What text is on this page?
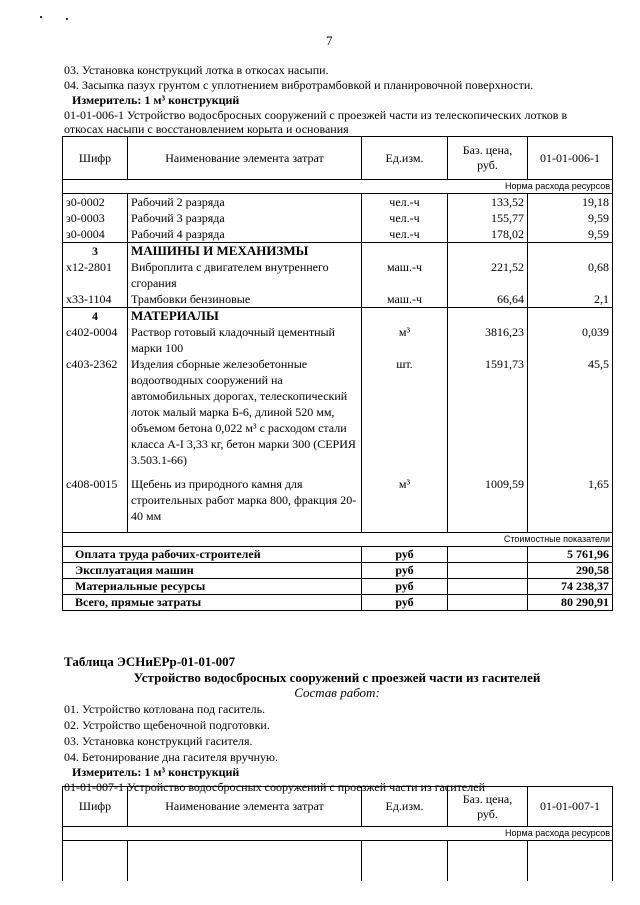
7
03. Установка конструкций лотка в откосах насыпи.
04. Засыпка пазух грунтом с уплотнением вибротрамбовкой и планировочной поверхности.
Измеритель: 1 м³ конструкций
01-01-006-1 Устройство водосбросных сооружений с проезжей части из телескопических лотков в
откосах насыпи с восстановлением корыта и основания
Шифр	Наименование элемента затрат	Ед.изм.	Баз. цена, руб.	01-01-006-1
Норма расхода ресурсов				
з0-0002	Рабочий 2 разряда	чел.-ч	133,52	19,18
з0-0003	Рабочий 3 разряда	чел.-ч	155,77	9,59
з0-0004	Рабочий 4 разряда	чел.-ч	178,02	9,59
3	МАШИНЫ И МЕХАНИЗМЫ			
х12-2801	Виброплита с двигателем внутреннего сгорания	маш.-ч	221,52	0,68
х33-1104	Трамбовки бензиновые	маш.-ч	66,64	2,1
4	МАТЕРИАЛЫ			
с402-0004	Раствор готовый кладочный цементный марки 100	м³	3816,23	0,039
с403-2362	Изделия сборные железобетонные водоотводных сооружений на автомобильных дорогах, телескопический лоток малый марка Б-6, длиной 520 мм, объемом бетона 0,022 м³ с расходом стали класса А-I 3,33 кг, бетон марки 300 (СЕРИЯ 3.503.1-66)	шт.	1591,73	45,5
с408-0015	Щебень из природного камня для строительных работ марка 800, фракция 20-40 мм	м³	1009,59	1,65

Стоимостные показатели				
Оплата труда рабочих-строителей		руб		5 761,96
Эксплуатация машин		руб		290,58
Материальные ресурсы		руб		74 238,37
Всего, прямые затраты		руб		80 290,91
Таблица ЭСНиЕРр-01-01-007
Устройство водосбросных сооружений с проезжей части из гасителей
Состав работ:
01. Устройство котлована под гаситель.
02. Устройство щебеночной подготовки.
03. Установка конструкций гасителя.
04. Бетонирование дна гасителя вручную.
Измеритель: 1 м³ конструкций
01-01-007-1 Устройство водосбросных сооружений с проезжей части из гасителей
Шифр	Наименование элемента затрат	Ед.изм.	Баз. цена, руб.	01-01-007-1
Норма расхода ресурсов				
